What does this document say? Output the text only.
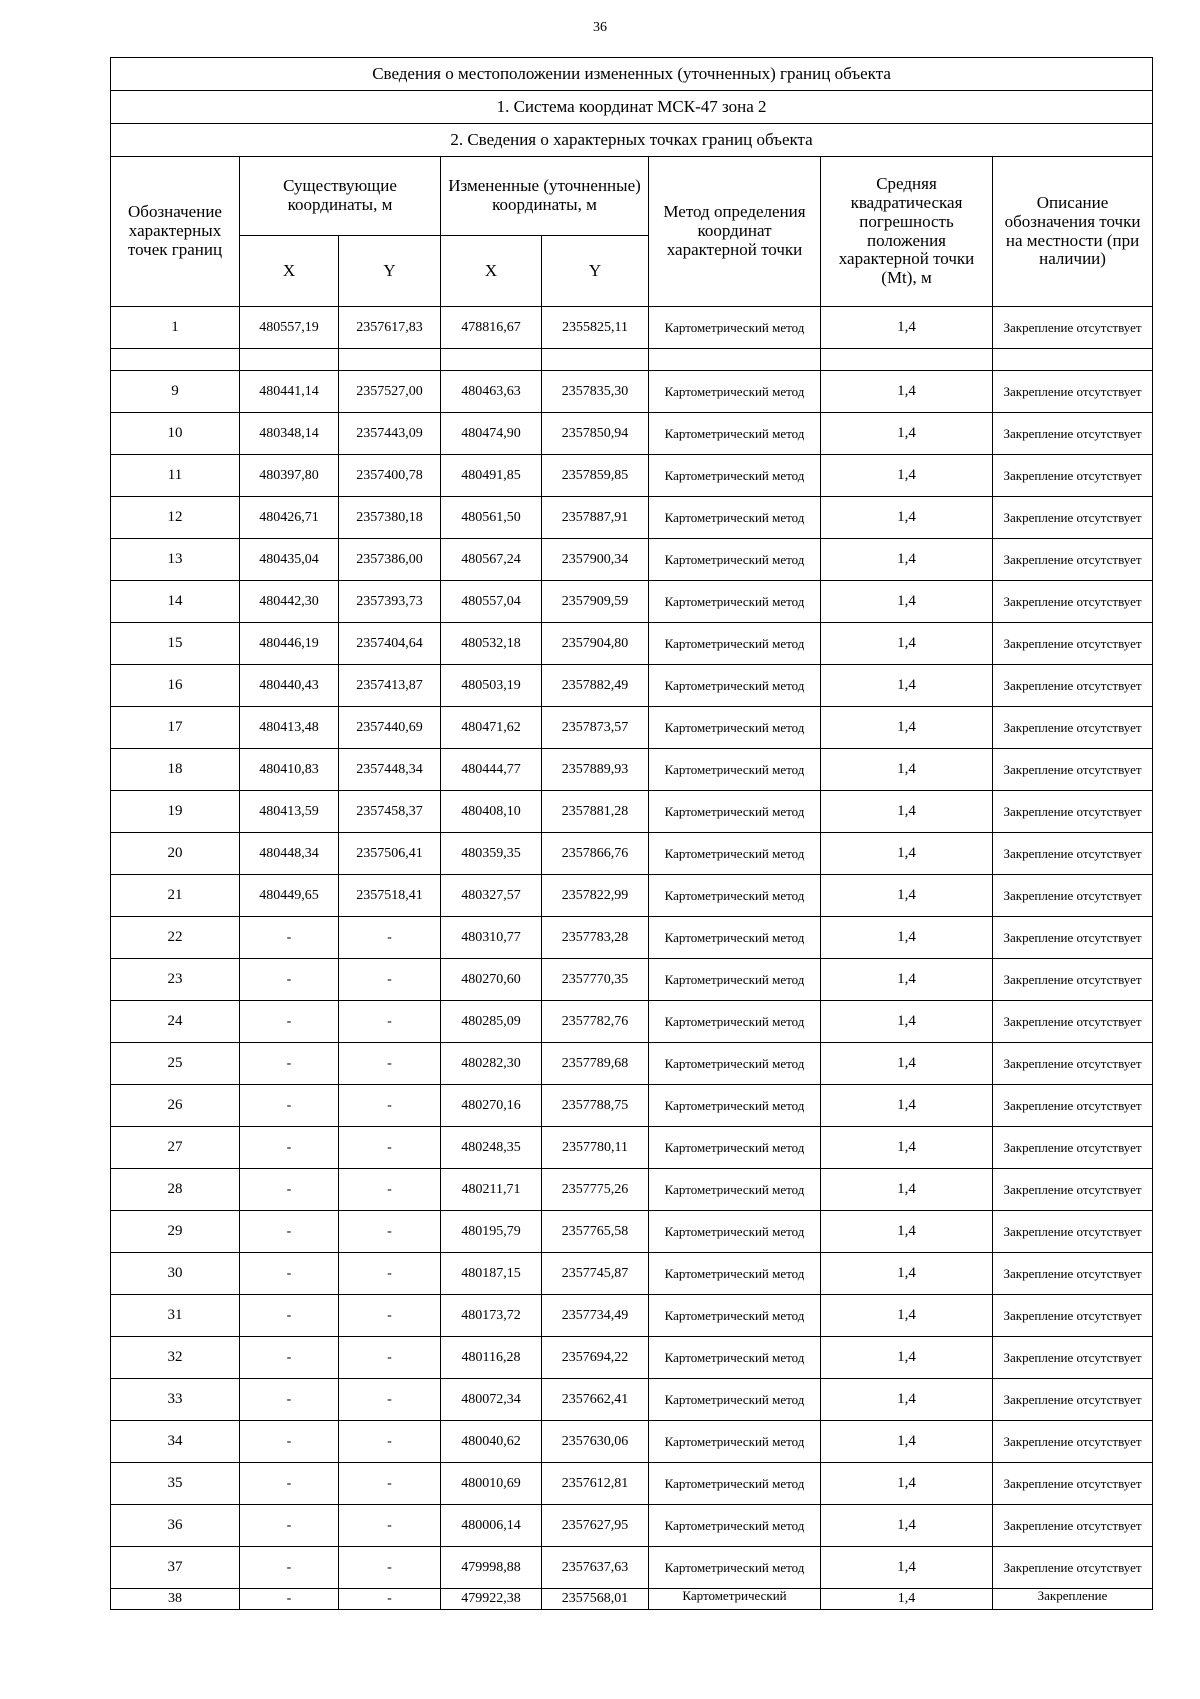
36
Сведения о местоположении измененных (уточненных) границ объекта							
1. Система координат МСК-47 зона 2							
2. Сведения о характерных точках границ объекта							
Обозначение характерных точек границ	Существующие координаты, м		Измененные (уточненные) координаты, м		Метод определения координат характерной точки	Средняя квадратическая погрешность положения характерной точки (Mt), м	Описание обозначения точки на местности (при наличии)
	X	Y	X	Y			
1	480557,19	2357617,83	478816,67	2355825,11	Картометрический метод	1,4	Закрепление отсутствует

9	480441,14	2357527,00	480463,63	2357835,30	Картометрический метод	1,4	Закрепление отсутствует
10	480348,14	2357443,09	480474,90	2357850,94	Картометрический метод	1,4	Закрепление отсутствует
11	480397,80	2357400,78	480491,85	2357859,85	Картометрический метод	1,4	Закрепление отсутствует
12	480426,71	2357380,18	480561,50	2357887,91	Картометрический метод	1,4	Закрепление отсутствует
13	480435,04	2357386,00	480567,24	2357900,34	Картометрический метод	1,4	Закрепление отсутствует
14	480442,30	2357393,73	480557,04	2357909,59	Картометрический метод	1,4	Закрепление отсутствует
15	480446,19	2357404,64	480532,18	2357904,80	Картометрический метод	1,4	Закрепление отсутствует
16	480440,43	2357413,87	480503,19	2357882,49	Картометрический метод	1,4	Закрепление отсутствует
17	480413,48	2357440,69	480471,62	2357873,57	Картометрический метод	1,4	Закрепление отсутствует
18	480410,83	2357448,34	480444,77	2357889,93	Картометрический метод	1,4	Закрепление отсутствует
19	480413,59	2357458,37	480408,10	2357881,28	Картометрический метод	1,4	Закрепление отсутствует
20	480448,34	2357506,41	480359,35	2357866,76	Картометрический метод	1,4	Закрепление отсутствует
21	480449,65	2357518,41	480327,57	2357822,99	Картометрический метод	1,4	Закрепление отсутствует
22	-	-	480310,77	2357783,28	Картометрический метод	1,4	Закрепление отсутствует
23	-	-	480270,60	2357770,35	Картометрический метод	1,4	Закрепление отсутствует
24	-	-	480285,09	2357782,76	Картометрический метод	1,4	Закрепление отсутствует
25	-	-	480282,30	2357789,68	Картометрический метод	1,4	Закрепление отсутствует
26	-	-	480270,16	2357788,75	Картометрический метод	1,4	Закрепление отсутствует
27	-	-	480248,35	2357780,11	Картометрический метод	1,4	Закрепление отсутствует
28	-	-	480211,71	2357775,26	Картометрический метод	1,4	Закрепление отсутствует
29	-	-	480195,79	2357765,58	Картометрический метод	1,4	Закрепление отсутствует
30	-	-	480187,15	2357745,87	Картометрический метод	1,4	Закрепление отсутствует
31	-	-	480173,72	2357734,49	Картометрический метод	1,4	Закрепление отсутствует
32	-	-	480116,28	2357694,22	Картометрический метод	1,4	Закрепление отсутствует
33	-	-	480072,34	2357662,41	Картометрический метод	1,4	Закрепление отсутствует
34	-	-	480040,62	2357630,06	Картометрический метод	1,4	Закрепление отсутствует
35	-	-	480010,69	2357612,81	Картометрический метод	1,4	Закрепление отсутствует
36	-	-	480006,14	2357627,95	Картометрический метод	1,4	Закрепление отсутствует
37	-	-	479998,88	2357637,63	Картометрический метод	1,4	Закрепление отсутствует
38	-	-	479922,38	2357568,01	Картометрический	1,4	Закрепление
